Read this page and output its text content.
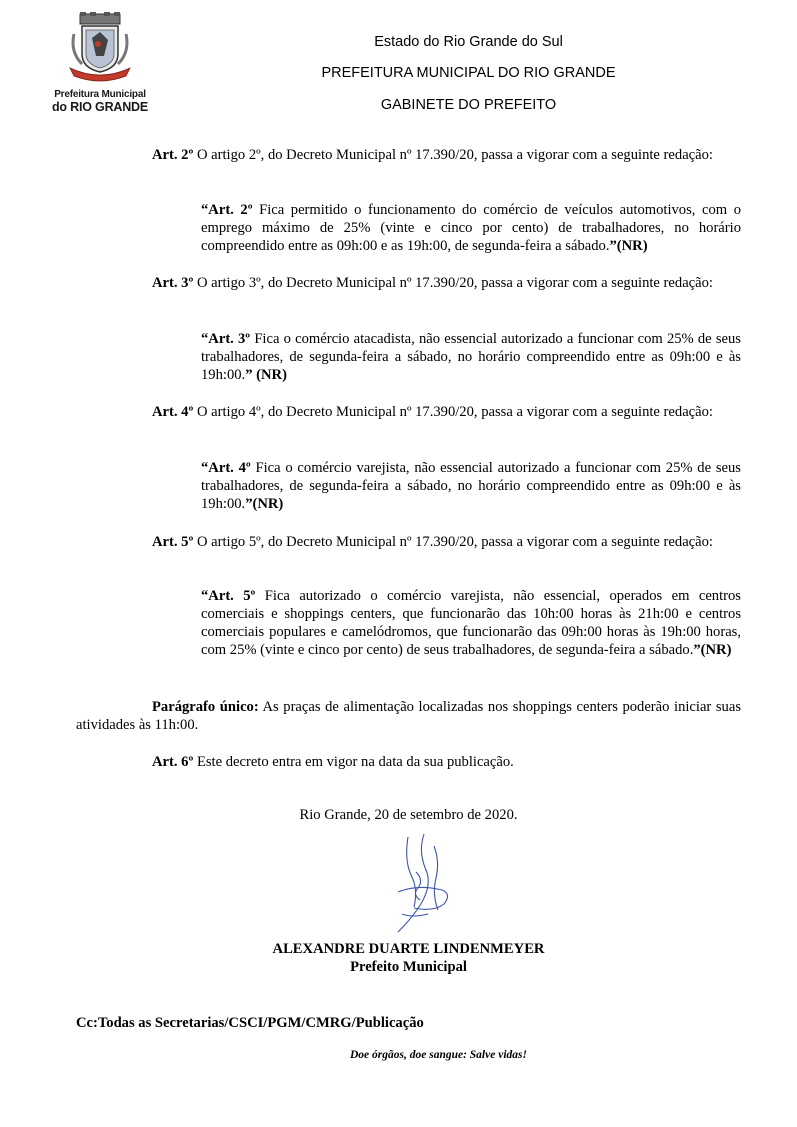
Prefeitura Municipal
do RIO GRANDE
Estado do Rio Grande do Sul
PREFEITURA MUNICIPAL DO RIO GRANDE
GABINETE DO PREFEITO
Art. 2º O artigo 2º, do Decreto Municipal nº 17.390/20, passa a vigorar com a seguinte redação:
“Art. 2º Fica permitido o funcionamento do comércio de veículos automotivos, com o emprego máximo de 25% (vinte e cinco por cento) de trabalhadores, no horário compreendido entre as 09h:00 e as 19h:00, de segunda-feira a sábado.”(NR)
Art. 3º O artigo 3º, do Decreto Municipal nº 17.390/20, passa a vigorar com a seguinte redação:
“Art. 3º Fica o comércio atacadista, não essencial autorizado a funcionar com 25% de seus trabalhadores, de segunda-feira a sábado, no horário compreendido entre as 09h:00 e às 19h:00.” (NR)
Art. 4º O artigo 4º, do Decreto Municipal nº 17.390/20, passa a vigorar com a seguinte redação:
“Art. 4º Fica o comércio varejista, não essencial autorizado a funcionar com 25% de seus trabalhadores, de segunda-feira a sábado, no horário compreendido entre as 09h:00 e às 19h:00.”(NR)
Art. 5º O artigo 5º, do Decreto Municipal nº 17.390/20, passa a vigorar com a seguinte redação:
“Art. 5º Fica autorizado o comércio varejista, não essencial, operados em centros comerciais e shoppings centers, que funcionarão das 10h:00 horas às 21h:00 e centros comerciais populares e camelódromos, que funcionarão das 09h:00 horas às 19h:00 horas, com 25% (vinte e cinco por cento) de seus trabalhadores, de segunda-feira a sábado.”(NR)
Parágrafo único: As praças de alimentação localizadas nos shoppings centers poderão iniciar suas atividades às 11h:00.
Art. 6º Este decreto entra em vigor na data da sua publicação.
Rio Grande, 20 de setembro de 2020.
ALEXANDRE DUARTE LINDENMEYER
Prefeito Municipal
Cc:Todas as Secretarias/CSCI/PGM/CMRG/Publicação
Doe órgãos, doe sangue: Salve vidas!
